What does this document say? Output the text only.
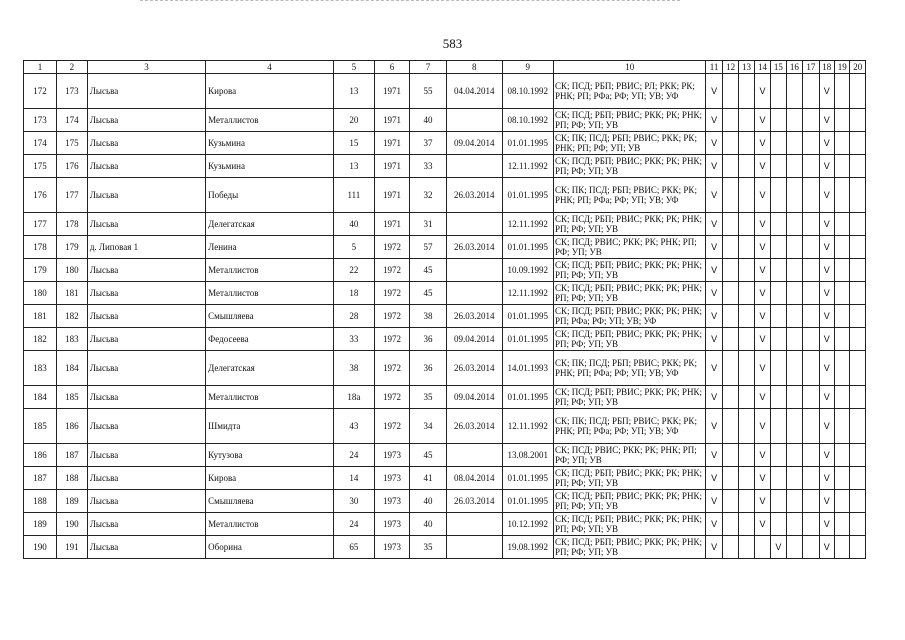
583
1	2	3	4	5	6	7	8	9	10	11	12	13	14	15	16	17	18	19	20
172	173	Лысьва	Кирова	13	1971	55	04.04.2014	08.10.1992	СК; ПСД; РБП; РВИС; РЛ; РКК; РК; РНК; РП; РФа; РФ; УП; УВ; УФ	V			V				V		
173	174	Лысьва	Металлистов	20	1971	40		08.10.1992	СК; ПСД; РБП; РВИС; РКК; РК; РНК; РП; РФ; УП; УВ	V			V				V		
174	175	Лысьва	Кузьмина	15	1971	37	09.04.2014	01.01.1995	СК; ПК; ПСД; РБП; РВИС; РКК; РК; РНК; РП; РФ; УП; УВ	V			V				V		
175	176	Лысьва	Кузьмина	13	1971	33		12.11.1992	СК; ПСД; РБП; РВИС; РКК; РК; РНК; РП; РФ; УП; УВ	V			V				V		
176	177	Лысьва	Победы	111	1971	32	26.03.2014	01.01.1995	СК; ПК; ПСД; РБП; РВИС; РКК; РК; РНК; РП; РФа; РФ; УП; УВ; УФ	V			V				V		
177	178	Лысьва	Делегатская	40	1971	31		12.11.1992	СК; ПСД; РБП; РВИС; РКК; РК; РНК; РП; РФ; УП; УВ	V			V				V		
178	179	д. Липовая 1	Ленина	5	1972	57	26.03.2014	01.01.1995	СК; ПСД; РВИС; РКК; РК; РНК; РП; РФ; УП; УВ	V			V				V		
179	180	Лысьва	Металлистов	22	1972	45		10.09.1992	СК; ПСД; РБП; РВИС; РКК; РК; РНК; РП; РФ; УП; УВ	V			V				V		
180	181	Лысьва	Металлистов	18	1972	45		12.11.1992	СК; ПСД; РБП; РВИС; РКК; РК; РНК; РП; РФ; УП; УВ	V			V				V		
181	182	Лысьва	Смышляева	28	1972	38	26.03.2014	01.01.1995	СК; ПСД; РБП; РВИС; РКК; РК; РНК; РП; РФа; РФ; УП; УВ; УФ	V			V				V		
182	183	Лысьва	Федосеева	33	1972	36	09.04.2014	01.01.1995	СК; ПСД; РБП; РВИС; РКК; РК; РНК; РП; РФ; УП; УВ	V			V				V		
183	184	Лысьва	Делегатская	38	1972	36	26.03.2014	14.01.1993	СК; ПК; ПСД; РБП; РВИС; РКК; РК; РНК; РП; РФа; РФ; УП; УВ; УФ	V			V				V		
184	185	Лысьва	Металлистов	18а	1972	35	09.04.2014	01.01.1995	СК; ПСД; РБП; РВИС; РКК; РК; РНК; РП; РФ; УП; УВ	V			V				V		
185	186	Лысьва	Шмидта	43	1972	34	26.03.2014	12.11.1992	СК; ПК; ПСД; РБП; РВИС; РКК; РК; РНК; РП; РФа; РФ; УП; УВ; УФ	V			V				V		
186	187	Лысьва	Кутузова	24	1973	45		13.08.2001	СК; ПСД; РВИС; РКК; РК; РНК; РП; РФ; УП; УВ	V			V				V		
187	188	Лысьва	Кирова	14	1973	41	08.04.2014	01.01.1995	СК; ПСД; РБП; РВИС; РКК; РК; РНК; РП; РФ; УП; УВ	V			V				V		
188	189	Лысьва	Смышляева	30	1973	40	26.03.2014	01.01.1995	СК; ПСД; РБП; РВИС; РКК; РК; РНК; РП; РФ; УП; УВ	V			V				V		
189	190	Лысьва	Металлистов	24	1973	40		10.12.1992	СК; ПСД; РБП; РВИС; РКК; РК; РНК; РП; РФ; УП; УВ	V			V				V		
190	191	Лысьва	Оборина	65	1973	35		19.08.1992	СК; ПСД; РБП; РВИС; РКК; РК; РНК; РП; РФ; УП; УВ	V				V			V		
